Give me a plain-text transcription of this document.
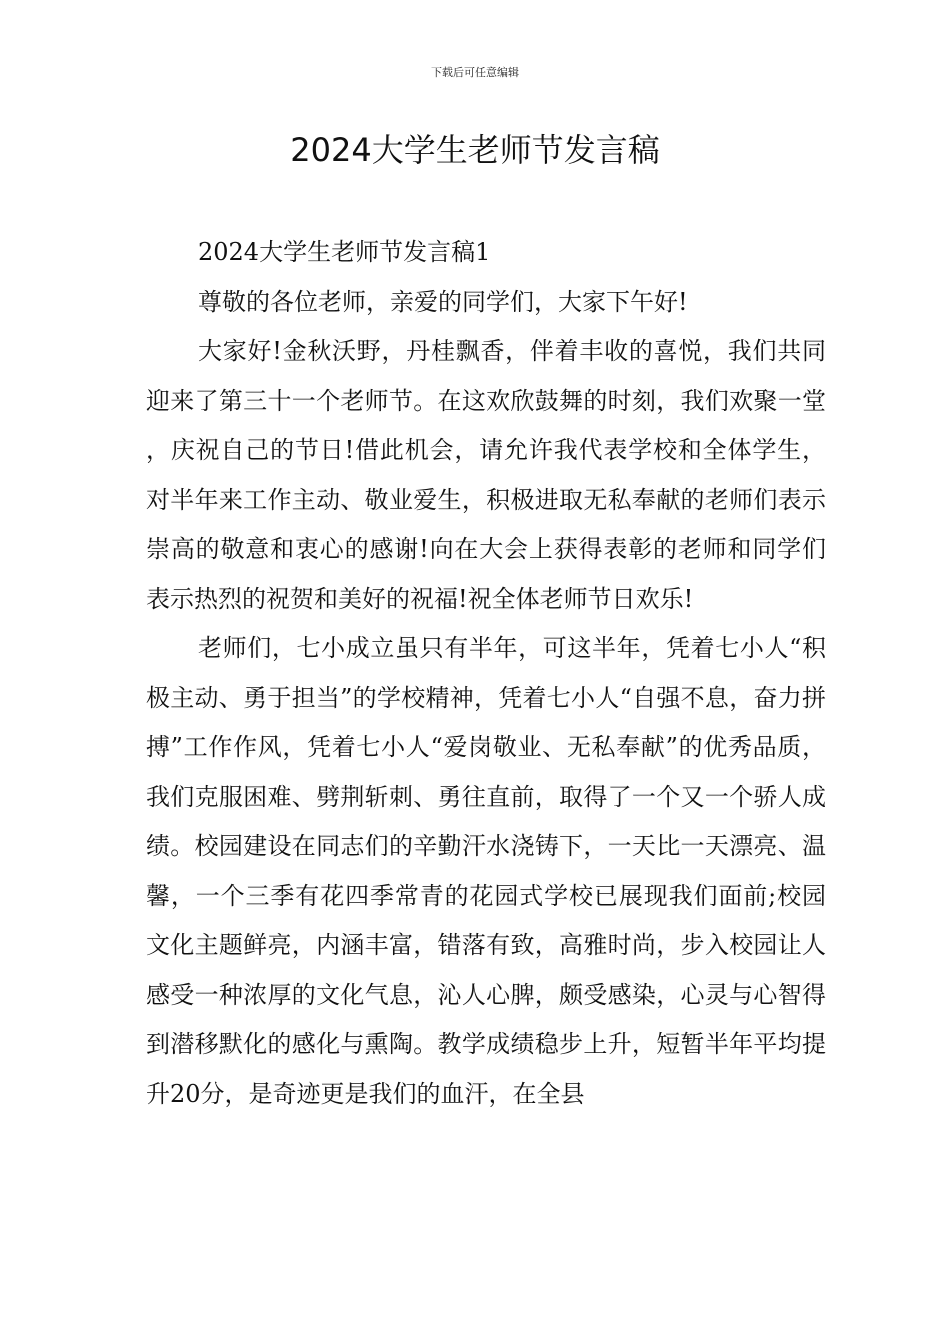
下载后可任意编辑
2024大学生老师节发言稿

2024大学生老师节发言稿1

尊敬的各位老师，亲爱的同学们，大家下午好!

大家好!金秋沃野，丹桂飘香，伴着丰收的喜悦，我们共同迎来了第三十一个老师节。在这欢欣鼓舞的时刻，我们欢聚一堂，庆祝自己的节日!借此机会，请允许我代表学校和全体学生，对半年来工作主动、敬业爱生，积极进取无私奉献的老师们表示崇高的敬意和衷心的感谢!向在大会上获得表彰的老师和同学们表示热烈的祝贺和美好的祝福!祝全体老师节日欢乐!

老师们，七小成立虽只有半年，可这半年，凭着七小人“积极主动、勇于担当”的学校精神，凭着七小人“自强不息，奋力拼搏”工作作风，凭着七小人“爱岗敬业、无私奉献”的优秀品质，我们克服困难、劈荆斩刺、勇往直前，取得了一个又一个骄人成绩。校园建设在同志们的辛勤汗水浇铸下，一天比一天漂亮、温馨，一个三季有花四季常青的花园式学校已展现我们面前;校园文化主题鲜亮，内涵丰富，错落有致，高雅时尚，步入校园让人感受一种浓厚的文化气息，沁人心脾，颇受感染，心灵与心智得到潜移默化的感化与熏陶。教学成绩稳步上升，短暂半年平均提升20分，是奇迹更是我们的血汗，在全县
